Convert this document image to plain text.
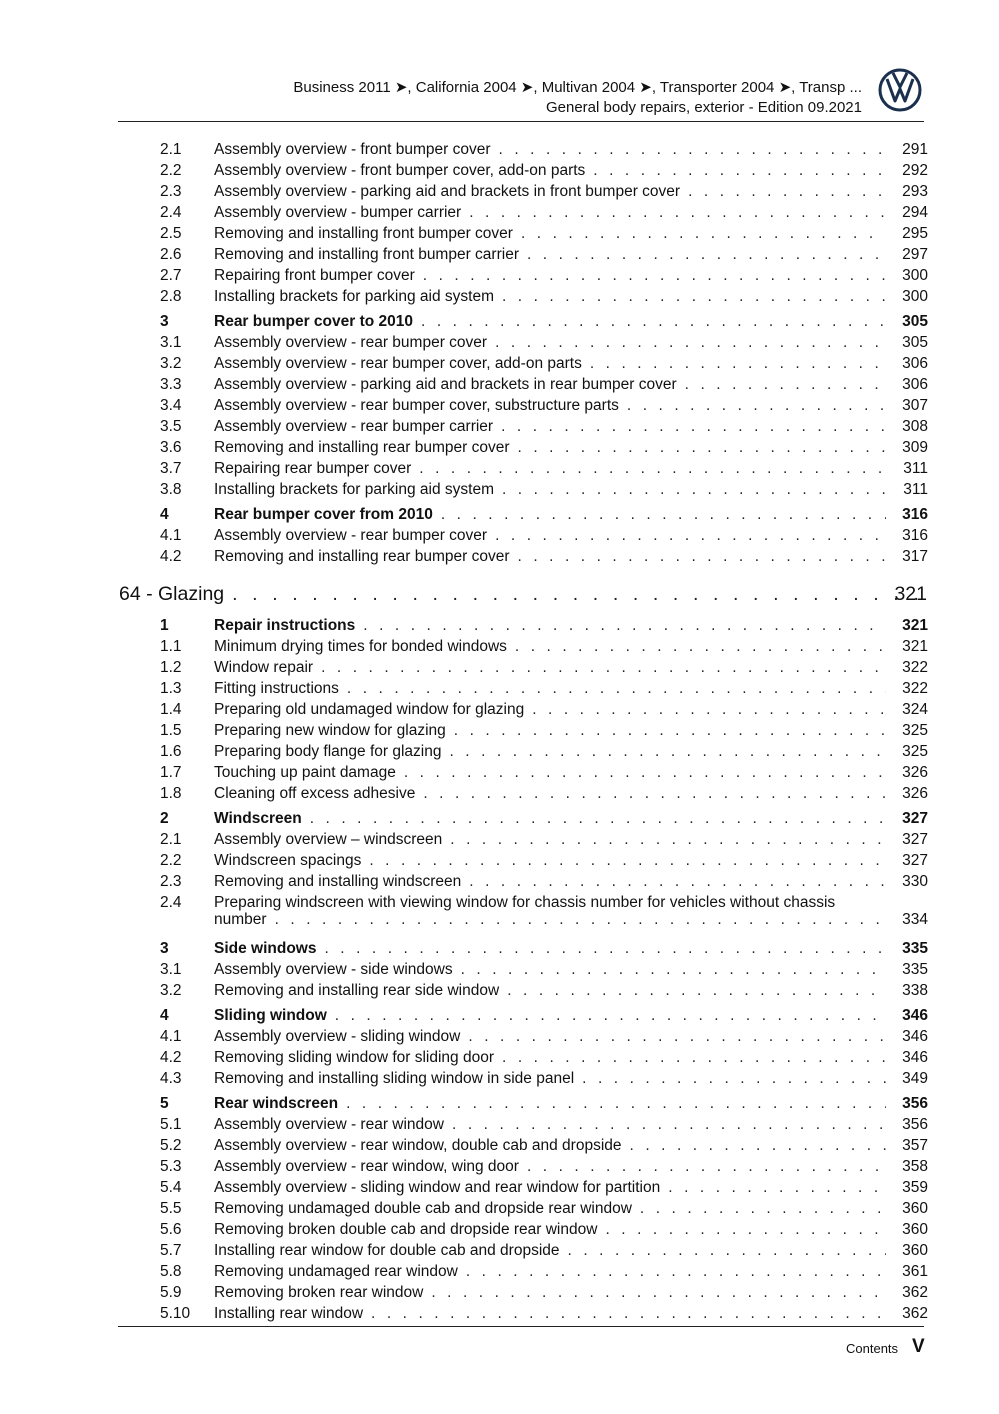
Business 2011 ➤, California 2004 ➤, Multivan 2004 ➤, Transporter 2004 ➤, Transp ...
General body repairs, exterior - Edition 09.2021
2.1 Assembly overview - front bumper cover . . .	291
2.2 Assembly overview - front bumper cover, add-on parts . . .	292
2.3 Assembly overview - parking aid and brackets in front bumper cover . . .	293
2.4 Assembly overview - bumper carrier . . .	294
2.5 Removing and installing front bumper cover . . .	295
2.6 Removing and installing front bumper carrier . . .	297
2.7 Repairing front bumper cover . . .	300
2.8 Installing brackets for parking aid system . . .	300
3	Rear bumper cover to 2010 . . .	305
3.1 Assembly overview - rear bumper cover . . .	305
3.2 Assembly overview - rear bumper cover, add-on parts . . .	306
3.3 Assembly overview - parking aid and brackets in rear bumper cover . . .	306
3.4 Assembly overview - rear bumper cover, substructure parts . . .	307
3.5 Assembly overview - rear bumper carrier . . .	308
3.6 Removing and installing rear bumper cover . . .	309
3.7 Repairing rear bumper cover . . .	311
3.8 Installing brackets for parking aid system . . .	311
4	Rear bumper cover from 2010 . . .	316
4.1 Assembly overview - rear bumper cover . . .	316
4.2 Removing and installing rear bumper cover . . .	317
64 - Glazing . . .	321
1	Repair instructions . . .	321
1.1 Minimum drying times for bonded windows . . .	321
1.2 Window repair . . .	322
1.3 Fitting instructions . . .	322
1.4 Preparing old undamaged window for glazing . . .	324
1.5 Preparing new window for glazing . . .	325
1.6 Preparing body flange for glazing . . .	325
1.7 Touching up paint damage . . .	326
1.8 Cleaning off excess adhesive . . .	326
2	Windscreen . . .	327
2.1 Assembly overview – windscreen . . .	327
2.2 Windscreen spacings . . .	327
2.3 Removing and installing windscreen . . .	330
2.4 Preparing windscreen with viewing window for chassis number for vehicles without chassis
number . . .	334
3	Side windows . . .	335
3.1 Assembly overview - side windows . . .	335
3.2 Removing and installing rear side window . . .	338
4	Sliding window . . .	346
4.1 Assembly overview - sliding window . . .	346
4.2 Removing sliding window for sliding door . . .	346
4.3 Removing and installing sliding window in side panel . . .	349
5	Rear windscreen . . .	356
5.1 Assembly overview - rear window . . .	356
5.2 Assembly overview - rear window, double cab and dropside . . .	357
5.3 Assembly overview - rear window, wing door . . .	358
5.4 Assembly overview - sliding window and rear window for partition . . .	359
5.5 Removing undamaged double cab and dropside rear window . . .	360
5.6 Removing broken double cab and dropside rear window . . .	360
5.7 Installing rear window for double cab and dropside . . .	360
5.8 Removing undamaged rear window . . .	361
5.9 Removing broken rear window . . .	362
5.10 Installing rear window . . .	362
Contents V
